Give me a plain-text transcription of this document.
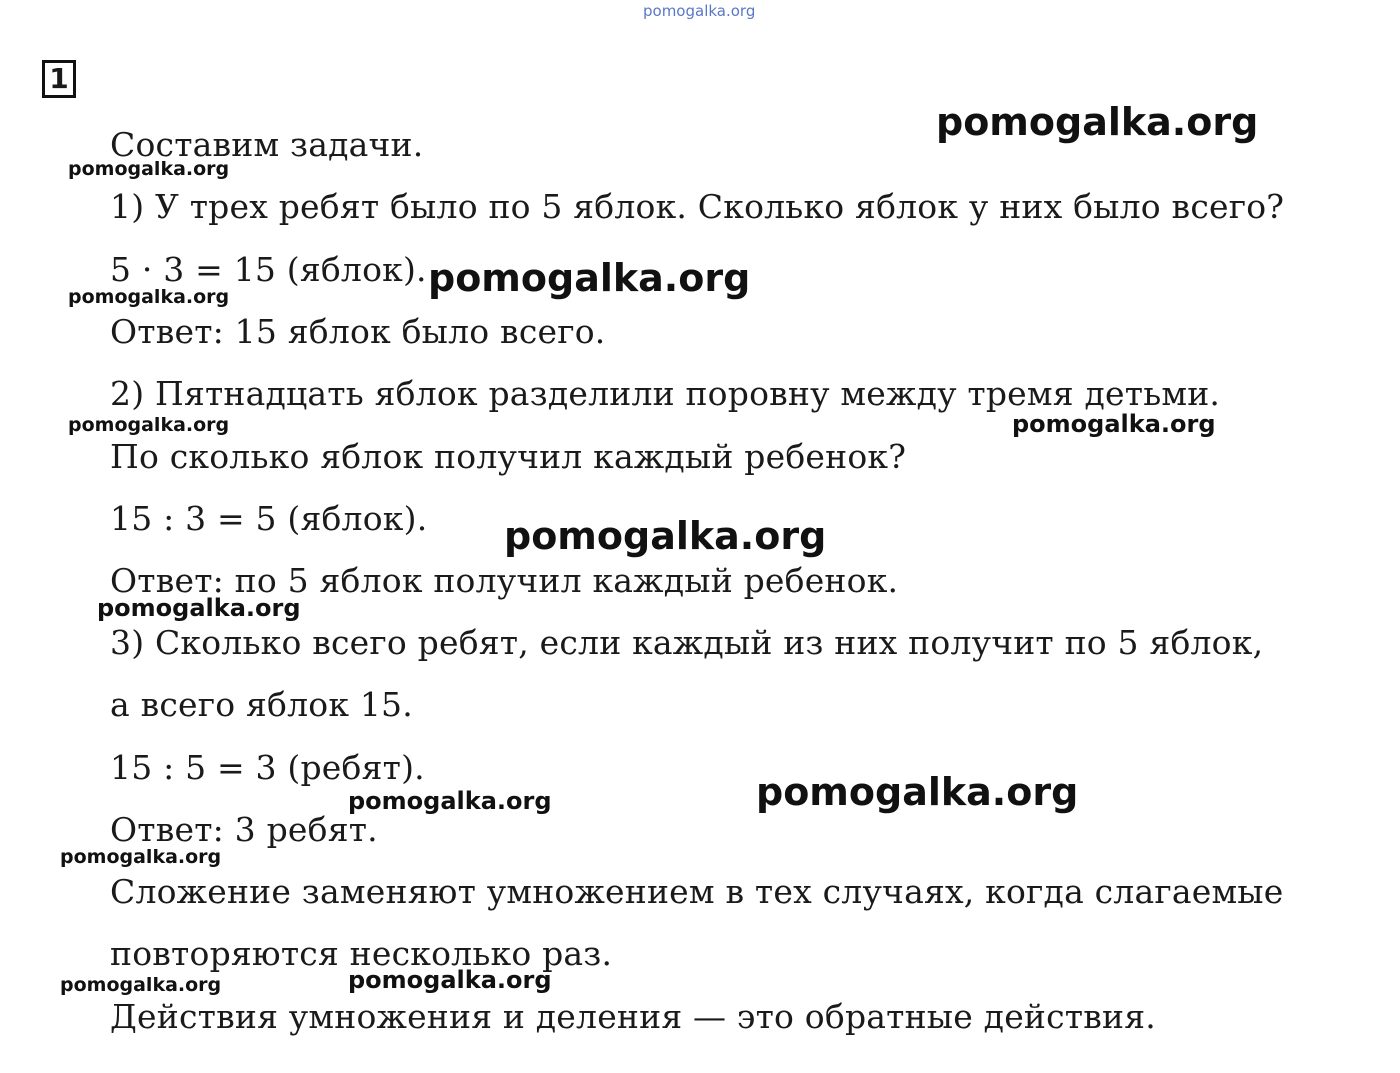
pomogalka.org
1
Составим задачи.
1) У трех ребят было по 5 яблок. Сколько яблок у них было всего?
5 · 3 = 15 (яблок).
Ответ: 15 яблок было всего.
2) Пятнадцать яблок разделили поровну между тремя детьми.
По сколько яблок получил каждый ребенок?
15 : 3 = 5 (яблок).
Ответ: по 5 яблок получил каждый ребенок.
3) Сколько всего ребят, если каждый из них получит по 5 яблок,
а всего яблок 15.
15 : 5 = 3 (ребят).
Ответ: 3 ребят.
Сложение заменяют умножением в тех случаях, когда слагаемые
повторяются несколько раз.
Действия умножения и деления — это обратные действия.
pomogalka.org
pomogalka.org
pomogalka.org
pomogalka.org
pomogalka.org	pomogalka.org
pomogalka.org
pomogalka.org
pomogalka.org
pomogalka.org
pomogalka.org
pomogalka.org
pomogalka.org
